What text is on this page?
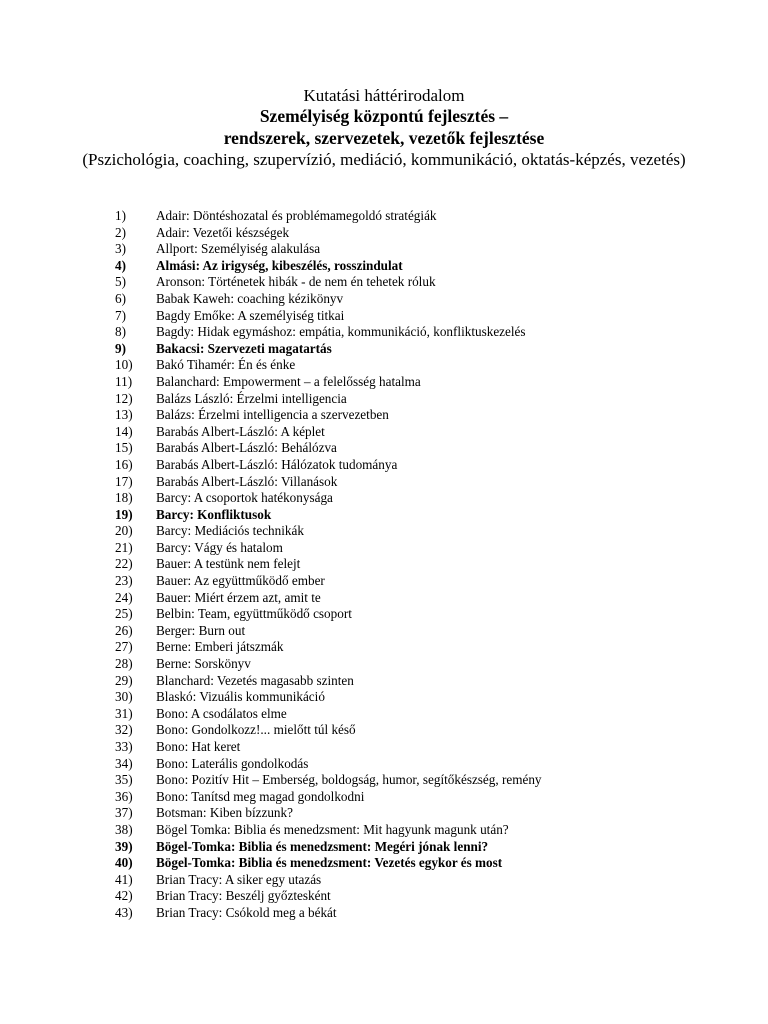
Kutatási háttérirodalom
Személyiség központú fejlesztés –
rendszerek, szervezetek, vezetők fejlesztése
(Pszichológia, coaching, szupervízió, mediáció, kommunikáció, oktatás-képzés, vezetés)
1)	Adair: Döntéshozatal és problémamegoldó stratégiák
2)	Adair: Vezetői készségek
3)	Allport: Személyiség alakulása
4)	Almási: Az irigység, kibeszélés, rosszindulat
5)	Aronson: Történetek hibák - de nem én tehetek róluk
6)	Babak Kaweh: coaching kézikönyv
7)	Bagdy Emőke: A személyiség titkai
8)	Bagdy: Hidak egymáshoz: empátia, kommunikáció, konfliktuskezelés
9)	Bakacsi: Szervezeti magatartás
10)	Bakó Tihamér: Én és énke
11)	Balanchard: Empowerment – a felelősség hatalma
12)	Balázs László: Érzelmi intelligencia
13)	Balázs: Érzelmi intelligencia a szervezetben
14)	Barabás Albert-László: A képlet
15)	Barabás Albert-László: Behálózva
16)	Barabás Albert-László: Hálózatok tudománya
17)	Barabás Albert-László: Villanások
18)	Barcy: A csoportok hatékonysága
19)	Barcy: Konfliktusok
20)	Barcy: Mediációs technikák
21)	Barcy: Vágy és hatalom
22)	Bauer: A testünk nem felejt
23)	Bauer: Az együttműködő ember
24)	Bauer: Miért érzem azt, amit te
25)	Belbin: Team, együttműködő csoport
26)	Berger: Burn out
27)	Berne: Emberi játszmák
28)	Berne: Sorskönyv
29)	Blanchard: Vezetés magasabb szinten
30)	Blaskó: Vizuális kommunikáció
31)	Bono: A csodálatos elme
32)	Bono: Gondolkozz!... mielőtt túl késő
33)	Bono: Hat keret
34)	Bono: Laterális gondolkodás
35)	Bono: Pozitív Hit – Emberség, boldogság, humor, segítőkészség, remény
36)	Bono: Tanítsd meg magad gondolkodni
37)	Botsman: Kiben bízzunk?
38)	Bögel Tomka: Biblia és menedzsment: Mit hagyunk magunk után?
39)	Bögel-Tomka: Biblia és menedzsment: Megéri jónak lenni?
40)	Bögel-Tomka: Biblia és menedzsment: Vezetés egykor és most
41)	Brian Tracy: A siker egy utazás
42)	Brian Tracy: Beszélj győztesként
43)	Brian Tracy: Csókold meg a békát
